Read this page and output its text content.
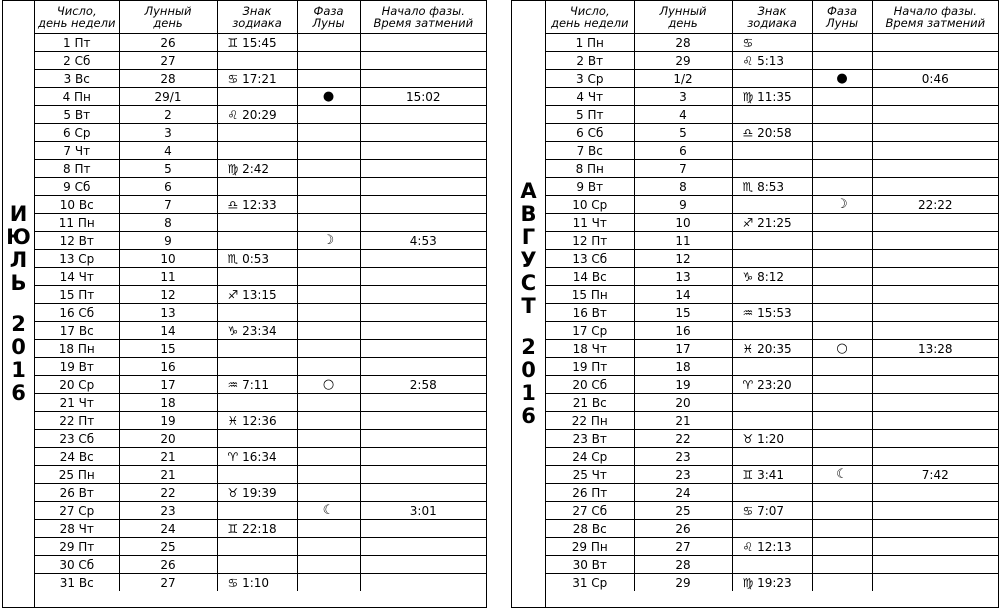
И
Ю
Л
Ь
2
0
1
6
Число,
день недели	Лунный
день	Знак
зодиака	Фаза
Луны	Начало фазы.
Время затмений
1 Пт	26	♊ 15:45		
2 Сб	27			
3 Вс	28	♋ 17:21		
4 Пн	29/1		●	15:02
5 Вт	2	♌ 20:29		
6 Ср	3			
7 Чт	4			
8 Пт	5	♍ 2:42		
9 Сб	6			
10 Вс	7	♎ 12:33		
11 Пн	8			
12 Вт	9		☽	4:53
13 Ср	10	♏ 0:53		
14 Чт	11			
15 Пт	12	♐ 13:15		
16 Сб	13			
17 Вс	14	♑ 23:34		
18 Пн	15			
19 Вт	16			
20 Ср	17	♒ 7:11	○	2:58
21 Чт	18			
22 Пт	19	♓ 12:36		
23 Сб	20			
24 Вс	21	♈ 16:34		
25 Пн	21			
26 Вт	22	♉ 19:39		
27 Ср	23		☾	3:01
28 Чт	24	♊ 22:18		
29 Пт	25			
30 Сб	26			
31 Вс	27	♋ 1:10		
А
В
Г
У
С
Т
2
0
1
6
Число,
день недели	Лунный
день	Знак
зодиака	Фаза
Луны	Начало фазы.
Время затмений
1 Пн	28	♋		
2 Вт	29	♌ 5:13		
3 Ср	1/2		●	0:46
4 Чт	3	♍ 11:35		
5 Пт	4			
6 Сб	5	♎ 20:58		
7 Вс	6			
8 Пн	7			
9 Вт	8	♏ 8:53		
10 Ср	9		☽	22:22
11 Чт	10	♐ 21:25		
12 Пт	11			
13 Сб	12			
14 Вс	13	♑ 8:12		
15 Пн	14			
16 Вт	15	♒ 15:53		
17 Ср	16			
18 Чт	17	♓ 20:35	○	13:28
19 Пт	18			
20 Сб	19	♈ 23:20		
21 Вс	20			
22 Пн	21			
23 Вт	22	♉ 1:20		
24 Ср	23			
25 Чт	23	♊ 3:41	☾	7:42
26 Пт	24			
27 Сб	25	♋ 7:07		
28 Вс	26			
29 Пн	27	♌ 12:13		
30 Вт	28			
31 Ср	29	♍ 19:23		
